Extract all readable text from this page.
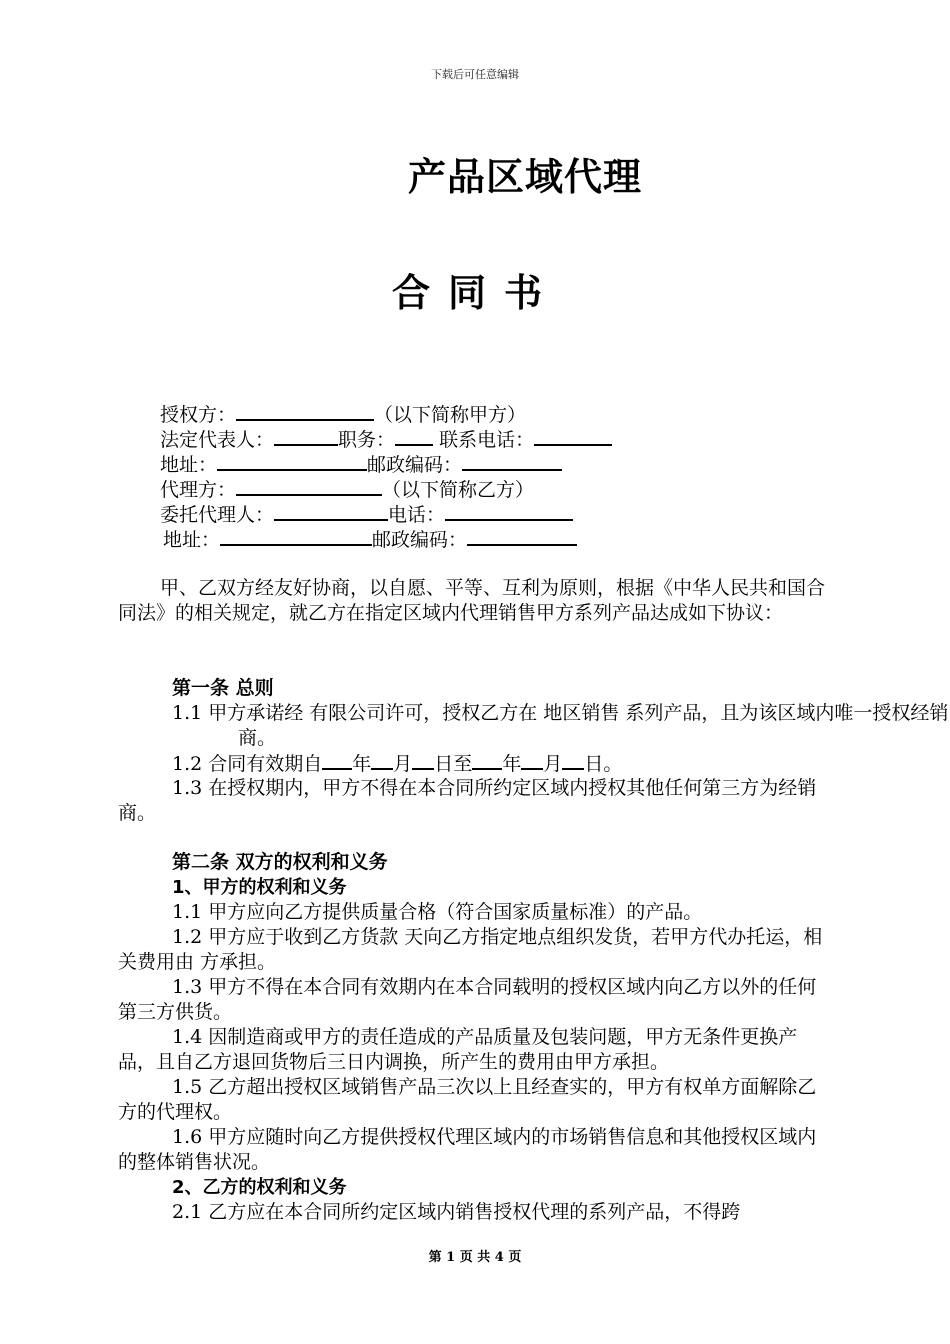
下载后可任意编辑
产品区域代理
合同书
授权方：	（以下简称甲方）
法定代表人：	职务： 联系电话：
地址：	邮政编码：
代理方：	（以下简称乙方）
委托代理人：	电话：
地址：	邮政编码：
甲、乙双方经友好协商，以自愿、平等、互利为原则，根据《中华人民共和国合同法》的相关规定，就乙方在指定区域内代理销售甲方系列产品达成如下协议：
第一条 总则
1.1 甲方承诺经 有限公司许可，授权乙方在 地区销售 系列产品，且为该区域内唯一授权经销商。
1.2 合同有效期自 年 月 日至 年 月 日。
1.3 在授权期内，甲方不得在本合同所约定区域内授权其他任何第三方为经销商。
第二条 双方的权利和义务
1、甲方的权利和义务
1.1 甲方应向乙方提供质量合格（符合国家质量标准）的产品。
1.2 甲方应于收到乙方货款 天向乙方指定地点组织发货，若甲方代办托运，相关费用由 方承担。
1.3 甲方不得在本合同有效期内在本合同载明的授权区域内向乙方以外的任何第三方供货。
1.4 因制造商或甲方的责任造成的产品质量及包装问题，甲方无条件更换产品，且自乙方退回货物后三日内调换，所产生的费用由甲方承担。
1.5 乙方超出授权区域销售产品三次以上且经查实的，甲方有权单方面解除乙方的代理权。
1.6 甲方应随时向乙方提供授权代理区域内的市场销售信息和其他授权区域内的整体销售状况。
2、乙方的权利和义务
2.1 乙方应在本合同所约定区域内销售授权代理的系列产品，不得跨
第 1 页 共 4 页
